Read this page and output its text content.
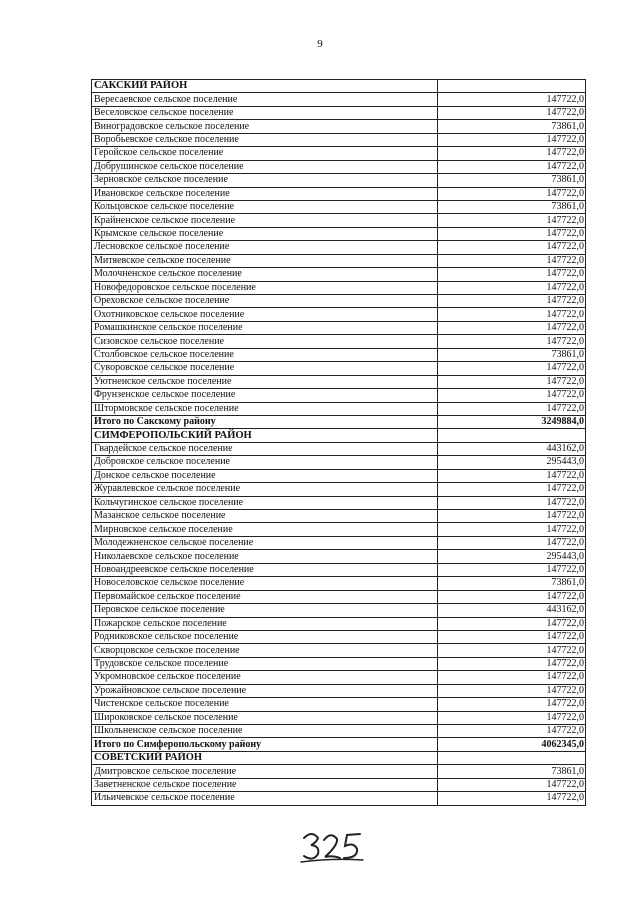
9
САКСКИЙ РАЙОН	
Вересаевское сельское поселение	147722,0
Веселовское сельское поселение	147722,0
Виноградовское сельское поселение	73861,0
Воробьевское сельское поселение	147722,0
Геройское сельское поселение	147722,0
Добрушинское сельское поселение	147722,0
Зерновское сельское поселение	73861,0
Ивановское сельское поселение	147722,0
Кольцовское сельское поселение	73861,0
Крайненское сельское поселение	147722,0
Крымское сельское поселение	147722,0
Лесновское сельское поселение	147722,0
Митяевское сельское поселение	147722,0
Молочненское сельское поселение	147722,0
Новофедоровское сельское поселение	147722,0
Ореховское сельское поселение	147722,0
Охотниковское сельское поселение	147722,0
Ромашкинское сельское поселение	147722,0
Сизовское сельское поселение	147722,0
Столбовское сельское поселение	73861,0
Суворовское сельское поселение	147722,0
Уютненское сельское поселение	147722,0
Фрунзенское сельское поселение	147722,0
Штормовское сельское поселение	147722,0
Итого по Сакскому району	3249884,0
СИМФЕРОПОЛЬСКИЙ РАЙОН	
Гвардейское сельское поселение	443162,0
Добровское сельское поселение	295443,0
Донское сельское поселение	147722,0
Журавлевское сельское поселение	147722,0
Кольчугинское сельское поселение	147722,0
Мазанское сельское поселение	147722,0
Мирновское сельское поселение	147722,0
Молодежненское сельское поселение	147722,0
Николаевское сельское поселение	295443,0
Новоандреевское сельское поселение	147722,0
Новоселовское сельское поселение	73861,0
Первомайское сельское поселение	147722,0
Перовское сельское поселение	443162,0
Пожарское сельское поселение	147722,0
Родниковское сельское поселение	147722,0
Скворцовское сельское поселение	147722,0
Трудовское сельское поселение	147722,0
Укромновское сельское поселение	147722,0
Урожайновское сельское поселение	147722,0
Чистенское сельское поселение	147722,0
Широковское сельское поселение	147722,0
Школьненское сельское поселение	147722,0
Итого по Симферопольскому району	4062345,0
СОВЕТСКИЙ РАЙОН	
Дмитровское сельское поселение	73861,0
Заветненское сельское поселение	147722,0
Ильичевское сельское поселение	147722,0
